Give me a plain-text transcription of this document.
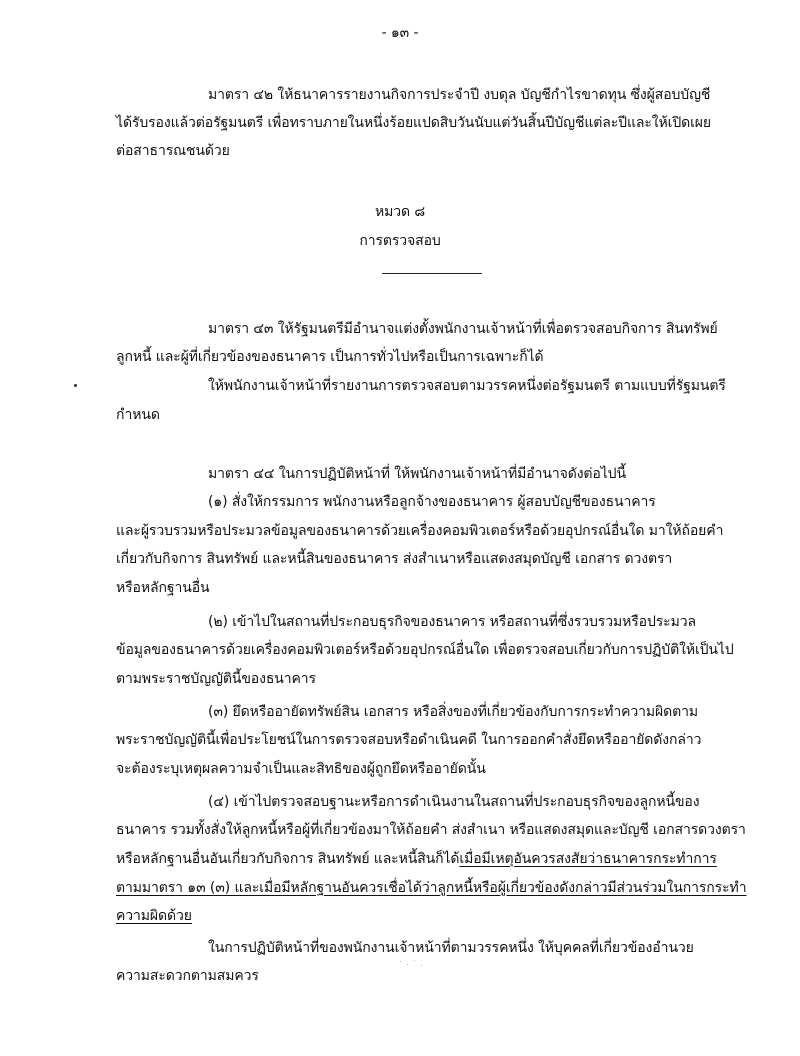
- ๑๓ -
มาตรา ๔๒ ให้ธนาคารรายงานกิจการประจำปี งบดุล บัญชีกำไรขาดทุน ซึ่งผู้สอบบัญชี
ได้รับรองแล้วต่อรัฐมนตรี เพื่อทราบภายในหนึ่งร้อยแปดสิบวันนับแต่วันสิ้นปีบัญชีแต่ละปีและให้เปิดเผย
ต่อสาธารณชนด้วย
หมวด ๘
การตรวจสอบ
มาตรา ๔๓ ให้รัฐมนตรีมีอำนาจแต่งตั้งพนักงานเจ้าหน้าที่เพื่อตรวจสอบกิจการ สินทรัพย์
ลูกหนี้ และผู้ที่เกี่ยวข้องของธนาคาร เป็นการทั่วไปหรือเป็นการเฉพาะก็ได้
ให้พนักงานเจ้าหน้าที่รายงานการตรวจสอบตามวรรคหนึ่งต่อรัฐมนตรี ตามแบบที่รัฐมนตรี
กำหนด
มาตรา ๔๔ ในการปฏิบัติหน้าที่ ให้พนักงานเจ้าหน้าที่มีอำนาจดังต่อไปนี้
(๑) สั่งให้กรรมการ พนักงานหรือลูกจ้างของธนาคาร ผู้สอบบัญชีของธนาคาร
และผู้รวบรวมหรือประมวลข้อมูลของธนาคารด้วยเครื่องคอมพิวเตอร์หรือด้วยอุปกรณ์อื่นใด มาให้ถ้อยคำ
เกี่ยวกับกิจการ สินทรัพย์ และหนี้สินของธนาคาร ส่งสำเนาหรือแสดงสมุดบัญชี เอกสาร ดวงตรา
หรือหลักฐานอื่น
(๒) เข้าไปในสถานที่ประกอบธุรกิจของธนาคาร หรือสถานที่ซึ่งรวบรวมหรือประมวล
ข้อมูลของธนาคารด้วยเครื่องคอมพิวเตอร์หรือด้วยอุปกรณ์อื่นใด เพื่อตรวจสอบเกี่ยวกับการปฏิบัติให้เป็นไป
ตามพระราชบัญญัตินี้ของธนาคาร
(๓) ยึดหรืออายัดทรัพย์สิน เอกสาร หรือสิ่งของที่เกี่ยวข้องกับการกระทำความผิดตาม
พระราชบัญญัตินี้เพื่อประโยชน์ในการตรวจสอบหรือดำเนินคดี ในการออกคำสั่งยึดหรืออายัดดังกล่าว
จะต้องระบุเหตุผลความจำเป็นและสิทธิของผู้ถูกยึดหรืออายัดนั้น
(๔) เข้าไปตรวจสอบฐานะหรือการดำเนินงานในสถานที่ประกอบธุรกิจของลูกหนี้ของ
ธนาคาร รวมทั้งสั่งให้ลูกหนี้หรือผู้ที่เกี่ยวข้องมาให้ถ้อยคำ ส่งสำเนา หรือแสดงสมุดและบัญชี เอกสารดวงตรา
หรือหลักฐานอื่นอันเกี่ยวกับกิจการ สินทรัพย์ และหนี้สินก็ได้เมื่อมีเหตุอันควรสงสัยว่าธนาคารกระทำการ
ตามมาตรา ๑๓ (๓) และเมื่อมีหลักฐานอันควรเชื่อได้ว่าลูกหนี้หรือผู้เกี่ยวข้องดังกล่าวมีส่วนร่วมในการกระทำ
ความผิดด้วย
ในการปฏิบัติหน้าที่ของพนักงานเจ้าหน้าที่ตามวรรคหนึ่ง ให้บุคคลที่เกี่ยวข้องอำนวย
ความสะดวกตามสมควร
